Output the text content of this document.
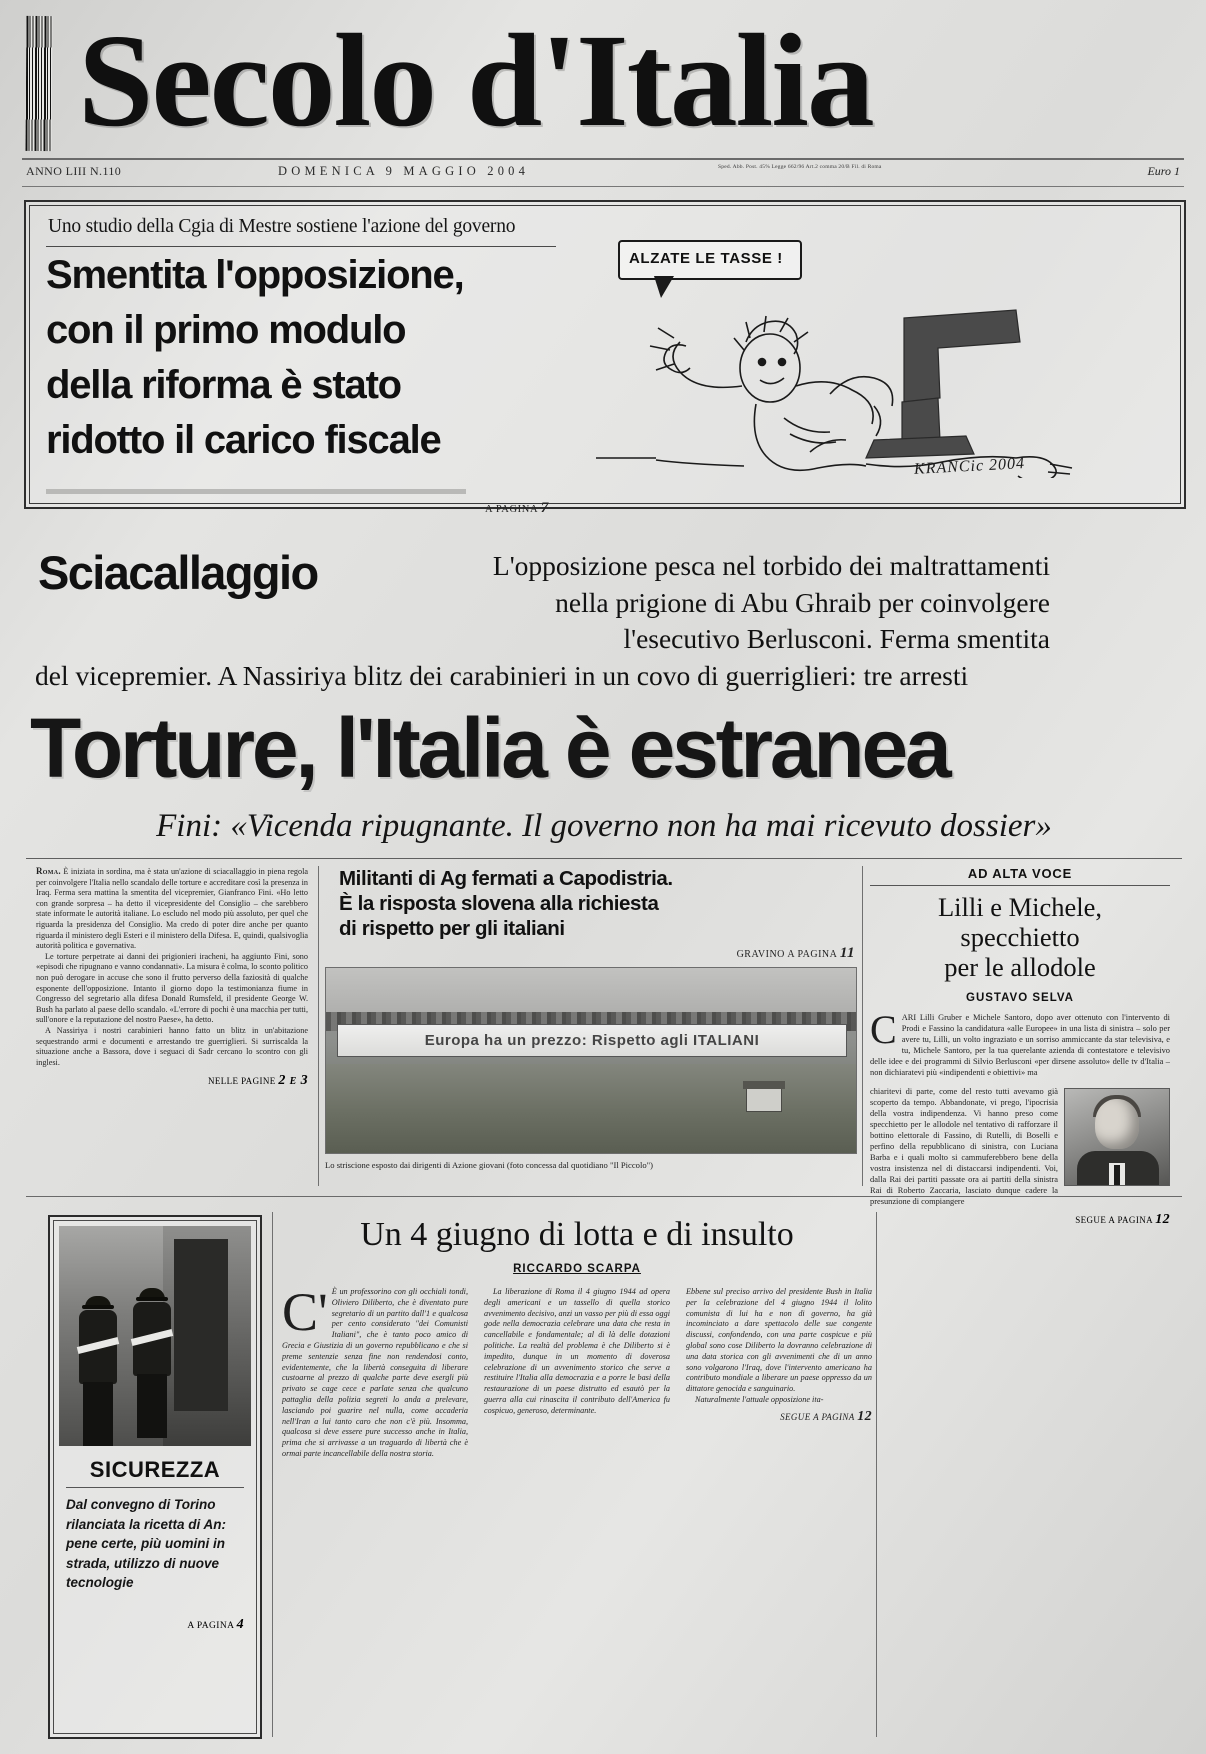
Secolo d'Italia
ANNO LIII N.110	DOMENICA 9 MAGGIO 2004	Sped. Abb. Post. 45% Legge 662/96 Art.2 comma 20/B Fil. di Roma	Euro 1
Uno studio della Cgia di Mestre sostiene l'azione del governo
Smentita l'opposizione,
con il primo modulo
della riforma è stato
ridotto il carico fiscale
ALZATE LE TASSE !
KRANCic 2004
A PAGINA 7
Sciacallaggio	L'opposizione pesca nel torbido dei maltrattamenti
nella prigione di Abu Ghraib per coinvolgere
l'esecutivo Berlusconi. Ferma smentita
del vicepremier. A Nassiriya blitz dei carabinieri in un covo di guerriglieri: tre arresti
Torture, l'Italia è estranea
Fini: «Vicenda ripugnante. Il governo non ha mai ricevuto dossier»

Roma. È iniziata in sordina, ma è stata un'azione di sciacallaggio in piena regola per coinvolgere l'Italia nello scandalo delle torture e accreditare così la presenza in Iraq. Ferma sera mattina la smentita del vicepremier, Gianfranco Fini. «Ho letto con grande sorpresa – ha detto il vicepresidente del Consiglio – che sarebbero state informate le autorità italiane. Lo escludo nel modo più assoluto, per quel che riguarda la presidenza del Consiglio. Ma credo di poter dire anche per quanto riguarda il ministero degli Esteri e il ministero della Difesa. E, quindi, qualsivoglia autorità politica e governativa.

Le torture perpetrate ai danni dei prigionieri iracheni, ha aggiunto Fini, sono «episodi che ripugnano e vanno condannati». La misura è colma, lo sconto politico non può derogare in accuse che sono il frutto perverso della faziosità di qualche esponente dell'opposizione. Intanto il giorno dopo la testimonianza fiume in Congresso del segretario alla difesa Donald Rumsfeld, il presidente George W. Bush ha parlato al paese dello scandalo. «L'errore di pochi è una macchia per tutti, sull'onore e la reputazione del nostro Paese», ha detto.

A Nassiriya i nostri carabinieri hanno fatto un blitz in un'abitazione sequestrando armi e documenti e arrestando tre guerriglieri. Si surriscalda la situazione anche a Bassora, dove i seguaci di Sadr cercano lo scontro con gli inglesi.

NELLE PAGINE 2 e 3
Militanti di Ag fermati a Capodistria.
È la risposta slovena alla richiesta
di rispetto per gli italiani
GRAVINO A PAGINA 11
Europa ha un prezzo: Rispetto agli ITALIANI
Lo striscione esposto dai dirigenti di Azione giovani (foto concessa dal quotidiano "Il Piccolo")
AD ALTA VOCE
Lilli e Michele,
specchietto
per le allodole
GUSTAVO SELVA
C ARI Lilli Gruber e Michele Santoro, dopo aver ottenuto con l'intervento di Prodi e Fassino la candidatura «alle Europee» in una lista di sinistra – solo per avere tu, Lilli, un volto ingraziato e un sorriso ammiccante da star televisiva, e tu, Michele Santoro, per la tua querelante azienda di contestatore e televisivo delle idee e dei programmi di Silvio Berlusconi «per dirsene assoluto» delle tv d'Italia – non dichiaratevi più «indipendenti e obiettivi» ma
chiaritevi di parte, come del resto tutti avevamo già scoperto da tempo. Abbandonate, vi prego, l'ipocrisia della vostra indipendenza. Vi hanno preso come specchietto per le allodole nel tentativo di rafforzare il bottino elettorale di Fassino, di Rutelli, di Boselli e perfino della repubblicano di sinistra, con Luciana Barba e i quali molto si cammuferebbero bene della vostra insistenza nel di distaccarsi indipendenti. Voi, dalla Rai dei partiti passate ora ai partiti della sinistra Rai di Roberto Zaccaria, lasciato dunque cadere la presunzione di compiangere
SEGUE A PAGINA 12
SICUREZZA
Dal convegno di Torino rilanciata la ricetta di An: pene certe, più uomini in strada, utilizzo di nuove tecnologie
A PAGINA 4
Un 4 giugno di lotta e di insulto
RICCARDO SCARPA

C' È un professorino con gli occhiali tondi, Oliviero Diliberto, che è diventato pure segretario di un partito dall'1 e qualcosa per cento considerato "dei Comunisti Italiani", che è tanto poco amico di Grecia e Giustizia di un governo repubblicano e che si preme sentenzie senza fine non rendendosi conto, evidentemente, che la libertà conseguita di liberare custoarne al prezzo di qualche parte deve esergli più privato se cage cece e parlate senza che qualcuno pattaglia della polizia segreti lo anda a prelevare, lasciando poi guarire nel nulla, come accaderia nell'Iran a lui tanto caro che non c'è più. Insomma, qualcosa si deve essere pure successo anche in Italia, prima che si arrivasse a un traguardo di libertà che è ormai parte incancellabile della nostra storia.

La liberazione di Roma il 4 giugno 1944 ad opera degli americani e un tassello di quella storico avvenimento decisivo, anzi un vasso per più di essa oggi gode nella democrazia celebrare una data che resta in cancellabile e fondamentale; al di là delle dotazioni politiche. La realtà del problema è che Diliberto si è impedito, dunque in un momento di doverosa celebrazione di un avvenimento storico che serve a restituire l'Italia alla democrazia e a porre le basi della restaurazione di un paese distrutto ed esautò per la guerra alla cui rinascita il contributo dell'America fu cospicuo, generoso, determinante.

Ebbene sul preciso arrivo del presidente Bush in Italia per la celebrazione del 4 giugno 1944 il lolito comunista di lui ha e non di governo, ha già incominciato a dare spettacolo delle sue congente discussi, confondendo, con una parte cospicue e più global sono cose Diliberto la dovranno celebrazione di una data storica con gli avvenimenti che di un anno sono volgarono l'Iraq, dove l'intervento americano ha contributo mondiale a liberare un paese oppresso da un dittatore genocida e sanguinario.

Naturalmente l'attuale opposizione ita-

SEGUE A PAGINA 12
